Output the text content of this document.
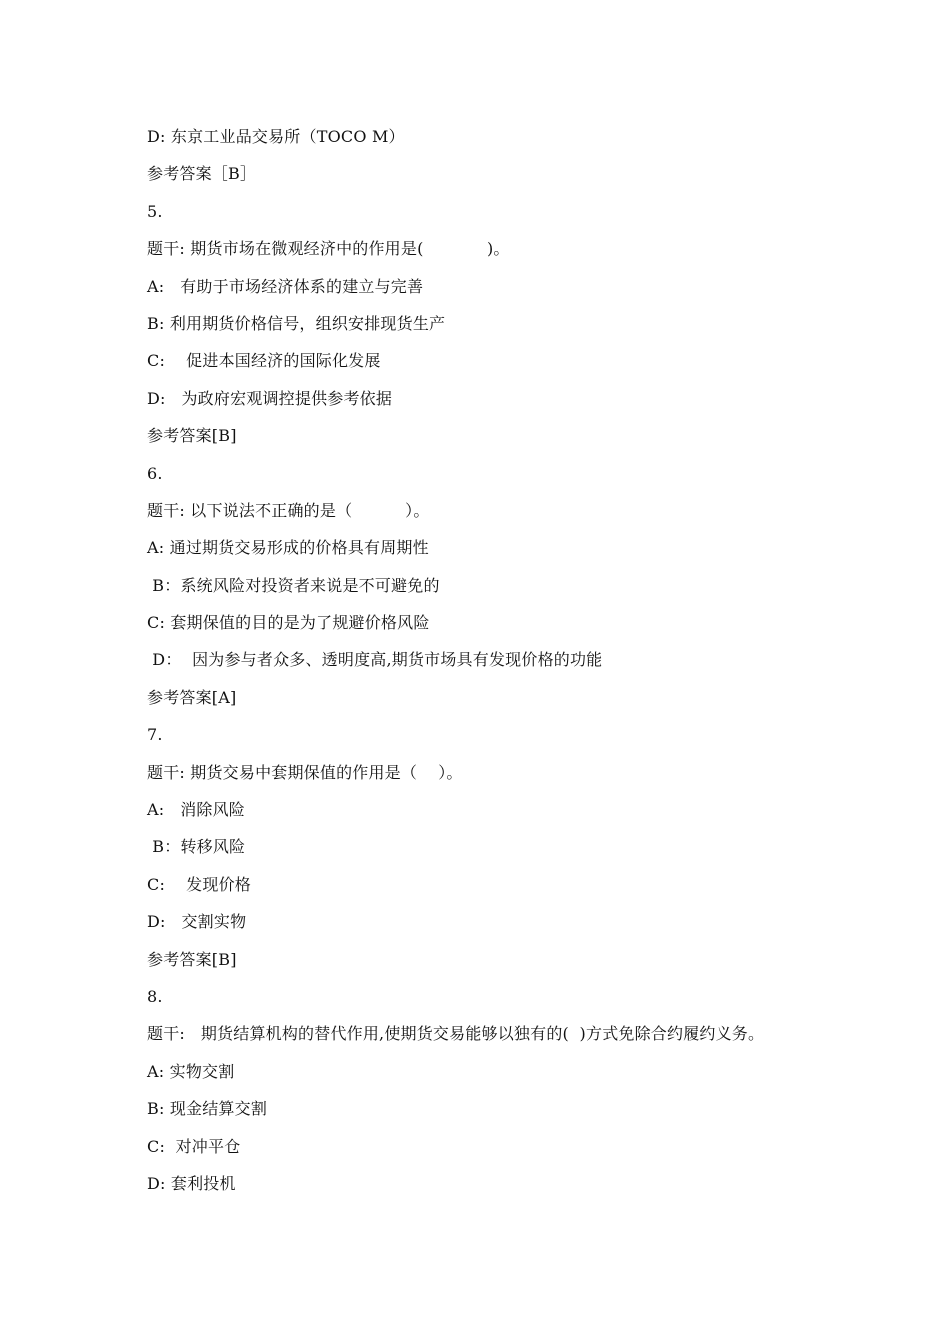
D: 东京工业品交易所（TOCO M）
参考答案［B］
5.
题干: 期货市场在微观经济中的作用是(            )。
A:   有助于市场经济体系的建立与完善
B: 利用期货价格信号，组织安排现货生产
C:    促进本国经济的国际化发展
D:   为政府宏观调控提供参考依据
参考答案[B]
6.
题干: 以下说法不正确的是（          ）。
A: 通过期货交易形成的价格具有周期性
B：系统风险对投资者来说是不可避免的
C: 套期保值的目的是为了规避价格风险
D：  因为参与者众多、透明度高,期货市场具有发现价格的功能
参考答案[A]
7.
题干: 期货交易中套期保值的作用是（    ）。
A:   消除风险
B：转移风险
C:    发现价格
D:   交割实物
参考答案[B]
8.
题干:   期货结算机构的替代作用,使期货交易能够以独有的(  )方式免除合约履约义务。
A: 实物交割
B: 现金结算交割
C:  对冲平仓
D: 套利投机
